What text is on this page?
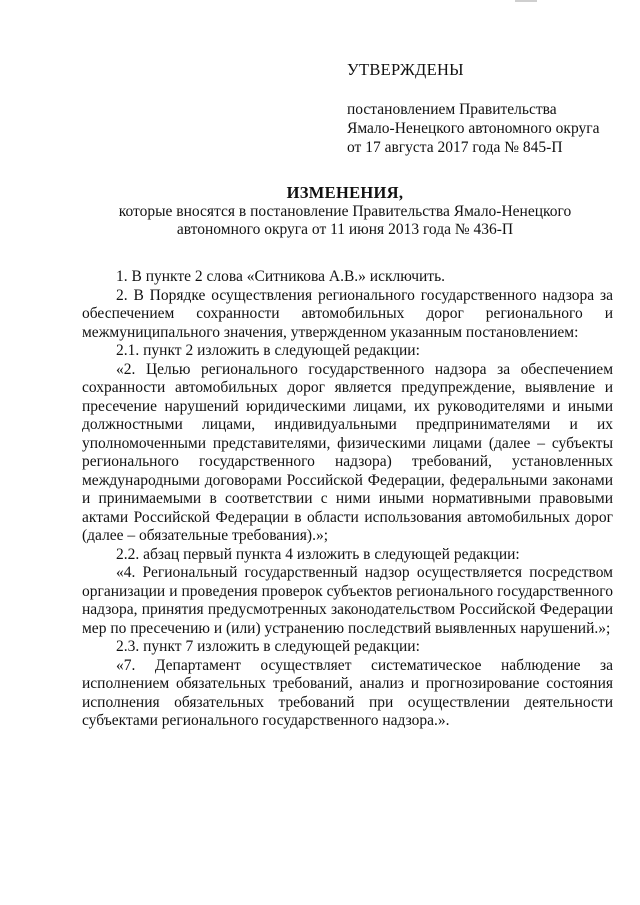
УТВЕРЖДЕНЫ
постановлением Правительства
Ямало-Ненецкого автономного округа
от 17 августа 2017 года № 845-П
ИЗМЕНЕНИЯ,
которые вносятся в постановление Правительства Ямало-Ненецкого
автономного округа от 11 июня 2013 года № 436-П

1. В пункте 2 слова «Ситникова А.В.» исключить.

2. В Порядке осуществления регионального государственного надзора за обеспечением сохранности автомобильных дорог регионального и межмуниципального значения, утвержденном указанным постановлением:

2.1. пункт 2 изложить в следующей редакции:

«2. Целью регионального государственного надзора за обеспечением сохранности автомобильных дорог является предупреждение, выявление и пресечение нарушений юридическими лицами, их руководителями и иными должностными лицами, индивидуальными предпринимателями и их уполномоченными представителями, физическими лицами (далее – субъекты регионального государственного надзора) требований, установленных международными договорами Российской Федерации, федеральными законами и принимаемыми в соответствии с ними иными нормативными правовыми актами Российской Федерации в области использования автомобильных дорог (далее – обязательные требования).»;

2.2. абзац первый пункта 4 изложить в следующей редакции:

«4. Региональный государственный надзор осуществляется посредством организации и проведения проверок субъектов регионального государственного надзора, принятия предусмотренных законодательством Российской Федерации мер по пресечению и (или) устранению последствий выявленных нарушений.»;

2.3. пункт 7 изложить в следующей редакции:

«7. Департамент осуществляет систематическое наблюдение за исполнением обязательных требований, анализ и прогнозирование состояния исполнения обязательных требований при осуществлении деятельности субъектами регионального государственного надзора.».
